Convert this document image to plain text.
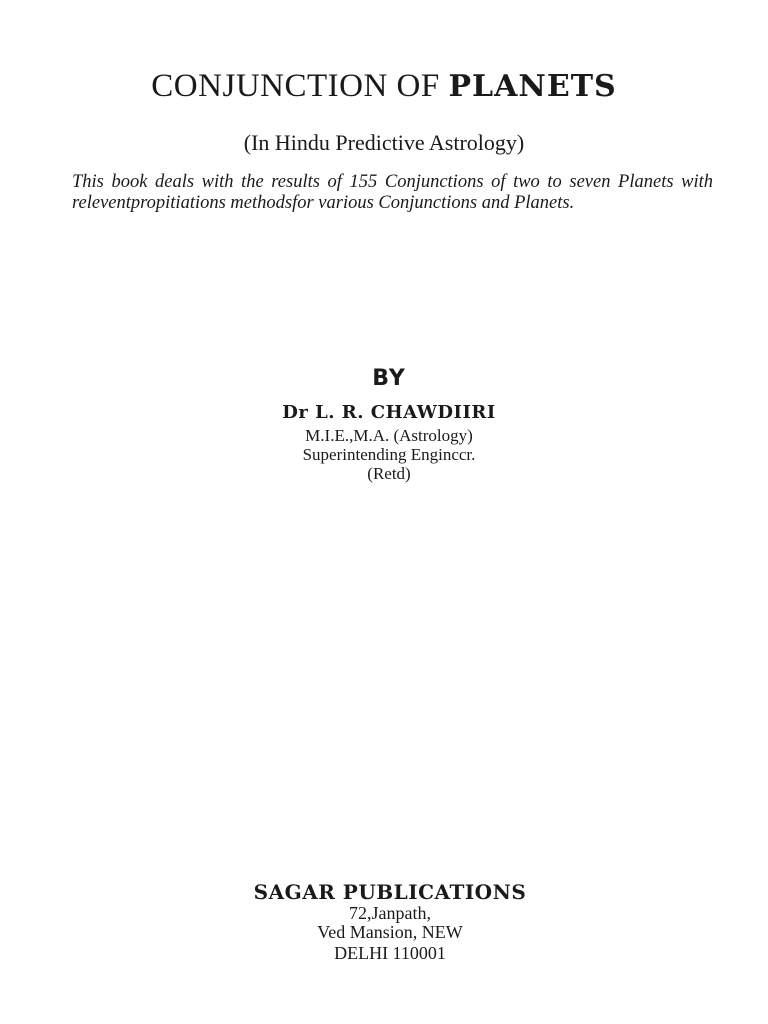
CONJUNCTION OF PLANETS
(In Hindu Predictive Astrology)
This book deals with the results of 155 Conjunctions of two to seven Planets with releventpropitiations methodsfor various Conjunctions and Planets.
BY
Dr L. R. CHAWDIIRI
M.I.E.,M.A. (Astrology)
Superintending Enginccr.
(Retd)
SAGAR PUBLICATIONS
72,Janpath,
Ved Mansion, NEW
DELHI 110001
